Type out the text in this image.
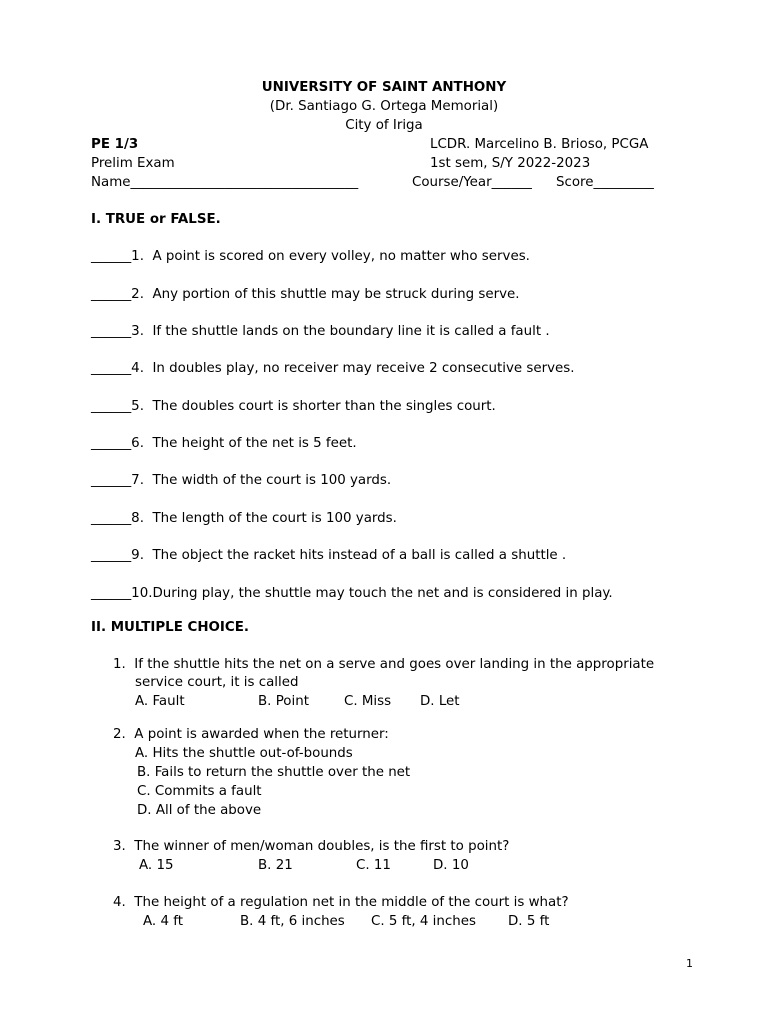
UNIVERSITY OF SAINT ANTHONY
(Dr. Santiago G. Ortega Memorial)
City of Iriga
PE 1/3	LCDR. Marcelino B. Brioso, PCGA
Prelim Exam	1st sem, S/Y 2022-2023
Name__________________________________	Course/Year______ Score_________
I. TRUE or FALSE.
______1.  A point is scored on every volley, no matter who serves.
______2.  Any portion of this shuttle may be struck during serve.
______3.  If the shuttle lands on the boundary line it is called a fault .
______4.  In doubles play, no receiver may receive 2 consecutive serves.
______5.  The doubles court is shorter than the singles court.
______6.  The height of the net is 5 feet.
______7.  The width of the court is 100 yards.
______8.  The length of the court is 100 yards.
______9.  The object the racket hits instead of a ball is called a shuttle .
______10.During play, the shuttle may touch the net and is considered in play.
II. MULTIPLE CHOICE.
1.  If the shuttle hits the net on a serve and goes over landing in the appropriate
service court, it is called
A. Fault	B. Point	C. Miss D. Let
2.  A point is awarded when the returner:
A. Hits the shuttle out-of-bounds
B. Fails to return the shuttle over the net
C. Commits a fault
D. All of the above
3.  The winner of men/woman doubles, is the first to point?
A. 15	B. 21	C. 11	D. 10
4.  The height of a regulation net in the middle of the court is what?
A. 4 ft	B. 4 ft, 6 inches C. 5 ft, 4 inches D. 5 ft
1
